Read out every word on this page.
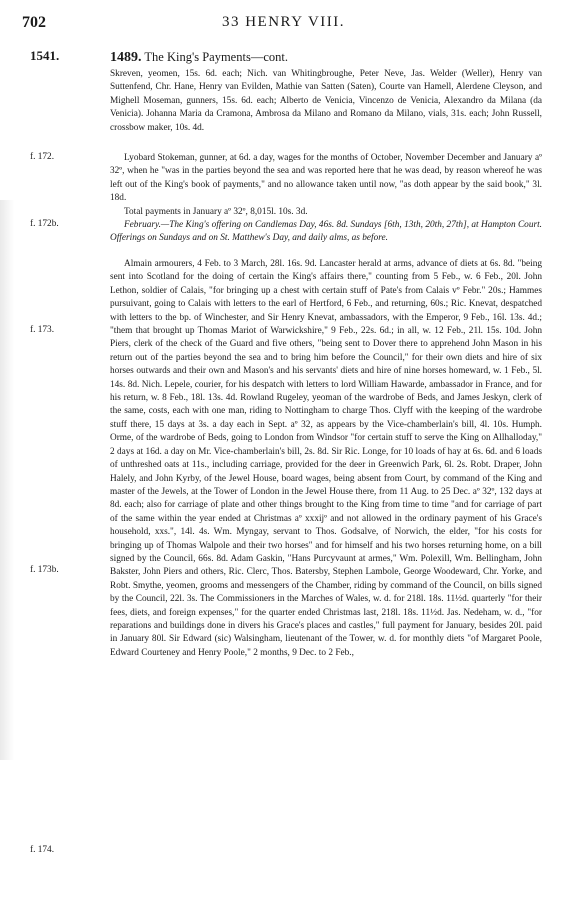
702	33 HENRY VIII.
1541.	1489. The King's Payments—cont.

Skreven, yeomen, 15s. 6d. each; Nich. van Whitingbroughe, Peter Neve, Jas. Welder (Weller), Henry van Suttenfend, Chr. Hane, Henry van Evilden, Mathie van Satten (Saten), Courte van Hamell, Alerdene Cleyson, and Mighell Moseman, gunners, 15s. 6d. each; Alberto de Venicia, Vincenzo de Venicia, Alexandro da Milana (da Venicia). Johanna Maria da Cramona, Ambrosa da Milano and Romano da Milano, vials, 31s. each; John Russell, crossbow maker, 10s. 4d.

f. 172.	Lyobard Stokeman, gunner, at 6d. a day, wages for the months of October, November December and January aº 32º, when he "was in the parties beyond the sea and was reported here that he was dead, by reason whereof he was left out of the King's book of payments," and no allowance taken until now, "as doth appear by the said book," 3l. 18d.

Total payments in January aº 32º, 8,015l. 10s. 3d.

f. 172b.	February.—The King's offering on Candlemas Day, 46s. 8d. Sundays [6th, 13th, 20th, 27th], at Hampton Court. Offerings on Sundays and on St. Matthew's Day, and daily alms, as before.

f. 173.
f. 173b.
f. 174.

Almain armourers, 4 Feb. to 3 March, 28l. 16s. 9d. Lancaster herald at arms, advance of diets at 6s. 8d. "being sent into Scotland for the doing of certain the King's affairs there," counting from 5 Feb., w. 6 Feb., 20l. John Lethon, soldier of Calais, "for bringing up a chest with certain stuff of Pate's from Calais vº Febr." 20s.; Hammes pursuivant, going to Calais with letters to the earl of Hertford, 6 Feb., and returning, 60s.; Ric. Knevat, despatched with letters to the bp. of Winchester, and Sir Henry Knevat, ambassadors, with the Emperor, 9 Feb., 16l. 13s. 4d.; "them that brought up Thomas Mariot of Warwickshire," 9 Feb., 22s. 6d.; in all, w. 12 Feb., 21l. 15s. 10d. John Piers, clerk of the check of the Guard and five others, "being sent to Dover there to apprehend John Mason in his return out of the parties beyond the sea and to bring him before the Council," for their own diets and hire of six horses outwards and their own and Mason's and his servants' diets and hire of nine horses homeward, w. 1 Feb., 5l. 14s. 8d. Nich. Lepele, courier, for his despatch with letters to lord William Hawarde, ambassador in France, and for his return, w. 8 Feb., 18l. 13s. 4d. Rowland Rugeley, yeoman of the wardrobe of Beds, and James Jeskyn, clerk of the same, costs, each with one man, riding to Nottingham to charge Thos. Clyff with the keeping of the wardrobe stuff there, 15 days at 3s. a day each in Sept. aº 32, as appears by the Vice-chamberlain's bill, 4l. 10s. Humph. Orme, of the wardrobe of Beds, going to London from Windsor "for certain stuff to serve the King on Allhalloday," 2 days at 16d. a day on Mr. Vice-chamberlain's bill, 2s. 8d. Sir Ric. Longe, for 10 loads of hay at 6s. 6d. and 6 loads of unthreshed oats at 11s., including carriage, provided for the deer in Greenwich Park, 6l. 2s. Robt. Draper, John Halely, and John Kyrby, of the Jewel House, board wages, being absent from Court, by command of the King and master of the Jewels, at the Tower of London in the Jewel House there, from 11 Aug. to 25 Dec. aº 32º, 132 days at 8d. each; also for carriage of plate and other things brought to the King from time to time "and for carriage of part of the same within the year ended at Christmas aº xxxijº and not allowed in the ordinary payment of his Grace's household, xxs.", 14l. 4s. Wm. Myngay, servant to Thos. Godsalve, of Norwich, the elder, "for his costs for bringing up of Thomas Walpole and their two horses" and for himself and his two horses returning home, on a bill signed by the Council, 66s. 8d. Adam Gaskin, "Hans Purcyvaunt at armes," Wm. Polexill, Wm. Bellingham, John Bakster, John Piers and others, Ric. Clerc, Thos. Batersby, Stephen Lambole, George Woodeward, Chr. Yorke, and Robt. Smythe, yeomen, grooms and messengers of the Chamber, riding by command of the Council, on bills signed by the Council, 22l. 3s. The Commissioners in the Marches of Wales, w. d. for 218l. 18s. 11½d. quarterly "for their fees, diets, and foreign expenses," for the quarter ended Christmas last, 218l. 18s. 11½d. Jas. Nedeham, w. d., "for reparations and buildings done in divers his Grace's places and castles," full payment for January, besides 20l. paid in January 80l. Sir Edward (sic) Walsingham, lieutenant of the Tower, w. d. for monthly diets "of Margaret Poole, Edward Courteney and Henry Poole," 2 months, 9 Dec. to 2 Feb.,
